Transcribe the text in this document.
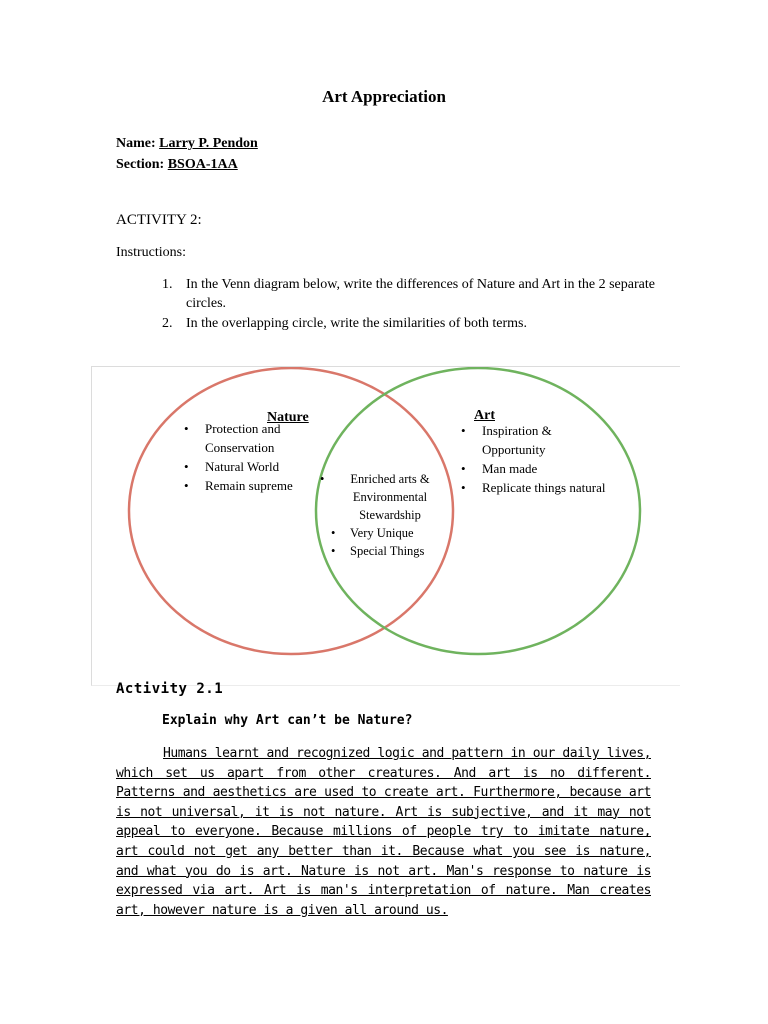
Art Appreciation
Name: Larry P. Pendon
Section: BSOA-1AA
ACTIVITY 2:
Instructions:
1. In the Venn diagram below, write the differences of Nature and Art in the 2 separate circles.
2. In the overlapping circle, write the similarities of both terms.
Nature
• Protection and Conservation
• Natural World
• Remain supreme
Art
• Inspiration & Opportunity
• Man made
• Replicate things natural
• Enriched arts & Environmental Stewardship
• Very Unique
• Special Things
Activity 2.1
Explain why Art can’t be Nature?

Humans learnt and recognized logic and pattern in our daily lives, which set us apart from other creatures. And art is no different. Patterns and aesthetics are used to create art. Furthermore, because art is not universal, it is not nature. Art is subjective, and it may not appeal to everyone. Because millions of people try to imitate nature, art could not get any better than it. Because what you see is nature, and what you do is art. Nature is not art. Man's response to nature is expressed via art. Art is man's interpretation of nature. Man creates art, however nature is a given all around us.
